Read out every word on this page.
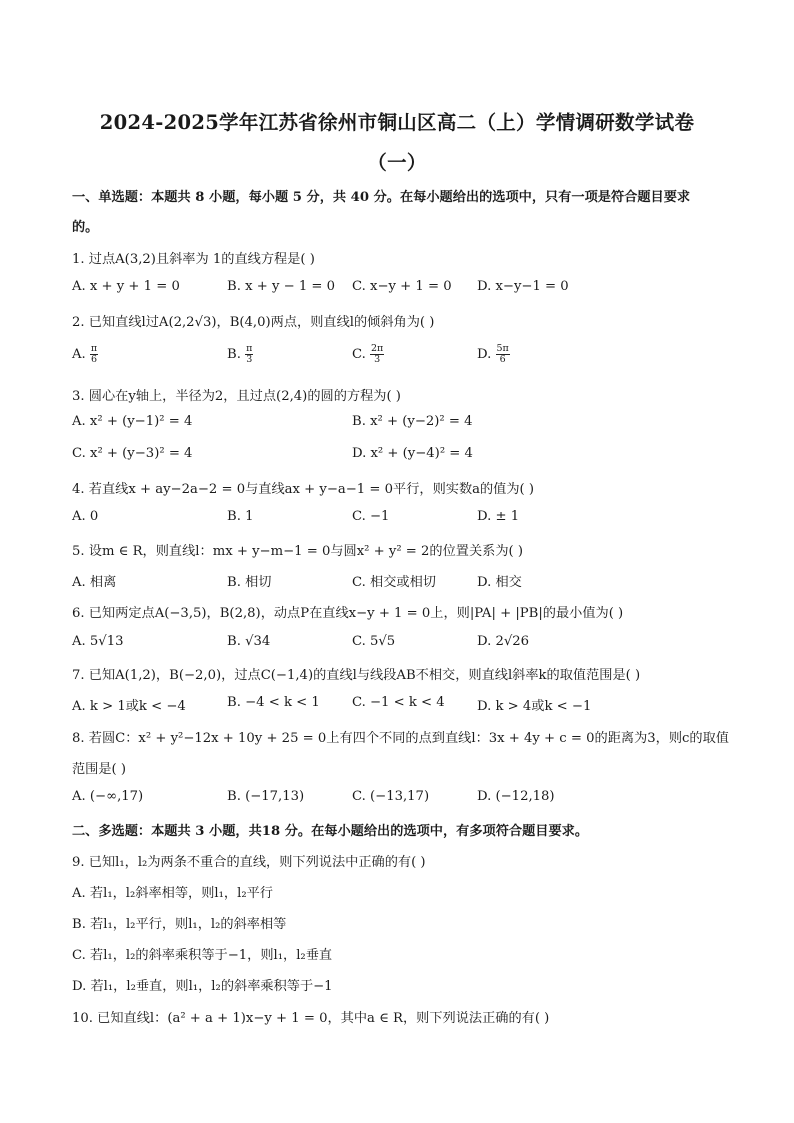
2024-2025学年江苏省徐州市铜山区高二（上）学情调研数学试卷
（一）
一、单选题：本题共 8 小题，每小题 5 分，共 40 分。在每小题给出的选项中，只有一项是符合题目要求
的。
1. 过点A(3,2)且斜率为 1的直线方程是( )
A. x + y + 1 = 0	B. x + y − 1 = 0 C. x−y + 1 = 0 D. x−y−1 = 0
2. 已知直线l过A(2,2√3)，B(4,0)两点，则直线l的倾斜角为( )
A. $\frac{\pi}{6}$	B. $\frac{\pi}{3}$	C. $\frac{2\pi}{3}$	D. $\frac{5\pi}{6}$
3. 圆心在y轴上，半径为2，且过点(2,4)的圆的方程为( )
A. x² + (y−1)² = 4	B. x² + (y−2)² = 4
C. x² + (y−3)² = 4	D. x² + (y−4)² = 4
4. 若直线x + ay−2a−2 = 0与直线ax + y−a−1 = 0平行，则实数a的值为( )
A. 0	B. 1	C. −1	D. ± 1
5. 设m ∈ R，则直线l：mx + y−m−1 = 0与圆x² + y² = 2的位置关系为( )
A. 相离	B. 相切	C. 相交或相切	D. 相交
6. 已知两定点A(−3,5)，B(2,8)，动点P在直线x−y + 1 = 0上，则|PA| + |PB|的最小值为( )
A. 5√13	B. √34	C. 5√5	D. 2√26
7. 已知A(1,2)，B(−2,0)，过点C(−1,4)的直线l与线段AB不相交，则直线l斜率k的取值范围是( )
A. k > 1或k < −4	B. −4 < k < 1 C. −1 < k < 4 D. k > 4或k < −1
8. 若圆C：x² + y²−12x + 10y + 25 = 0上有四个不同的点到直线l：3x + 4y + c = 0的距离为3，则c的取值
范围是( )
A. (−∞,17)	B. (−17,13)	C. (−13,17)	D. (−12,18)
二、多选题：本题共 3 小题，共18 分。在每小题给出的选项中，有多项符合题目要求。
9. 已知l₁，l₂为两条不重合的直线，则下列说法中正确的有( )
A. 若l₁，l₂斜率相等，则l₁，l₂平行
B. 若l₁，l₂平行，则l₁，l₂的斜率相等
C. 若l₁，l₂的斜率乘积等于−1，则l₁，l₂垂直
D. 若l₁，l₂垂直，则l₁，l₂的斜率乘积等于−1
10. 已知直线l：(a² + a + 1)x−y + 1 = 0，其中a ∈ R，则下列说法正确的有( )
